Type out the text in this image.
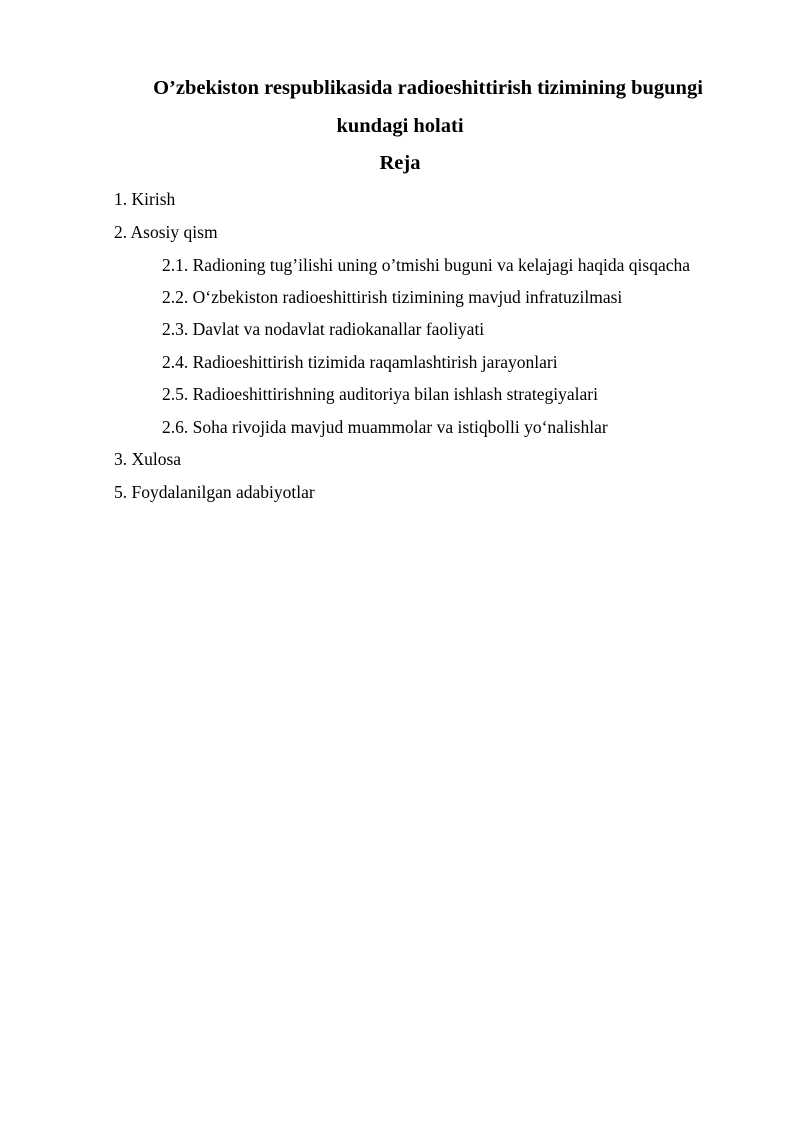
O’zbekiston respublikasida radioeshittirish tizimining bugungi
kundagi holati
Reja
1. Kirish
2. Asosiy qism
2.1. Radioning tug’ilishi uning o’tmishi buguni va kelajagi haqida qisqacha
2.2. O‘zbekiston radioeshittirish tizimining mavjud infratuzilmasi
2.3. Davlat va nodavlat radiokanallar faoliyati
2.4. Radioeshittirish tizimida raqamlashtirish jarayonlari
2.5. Radioeshittirishning auditoriya bilan ishlash strategiyalari
2.6. Soha rivojida mavjud muammolar va istiqbolli yo‘nalishlar
3. Xulosa
5. Foydalanilgan adabiyotlar
